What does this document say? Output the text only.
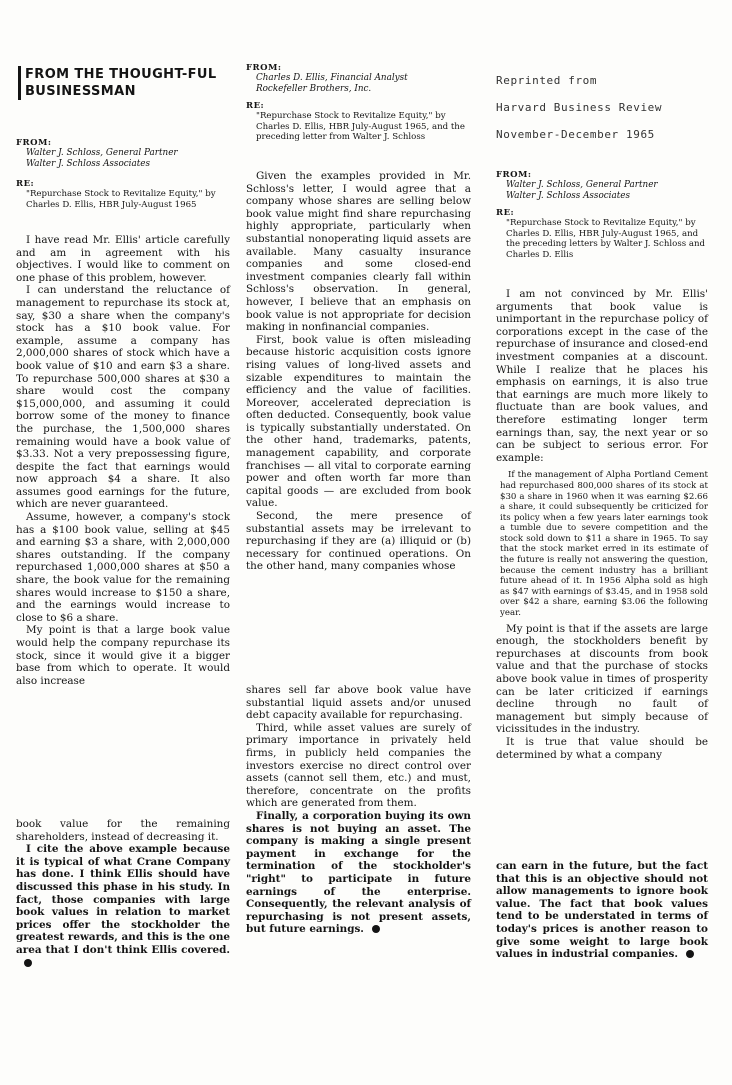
FROM THE THOUGHT-FUL BUSINESSMAN
FROM:
Walter J. Schloss, General Partner
Walter J. Schloss Associates
RE:
"Repurchase Stock to Revitalize Equity," by Charles D. Ellis, HBR July-August 1965

I have read Mr. Ellis' article carefully and am in agreement with his objectives. I would like to comment on one phase of this problem, however.

I can understand the reluctance of management to repurchase its stock at, say, $30 a share when the company's stock has a $10 book value. For example, assume a company has 2,000,000 shares of stock which have a book value of $10 and earn $3 a share. To repurchase 500,000 shares at $30 a share would cost the company $15,000,000, and assuming it could borrow some of the money to finance the purchase, the 1,500,000 shares remaining would have a book value of $3.33. Not a very prepossessing figure, despite the fact that earnings would now approach $4 a share. It also assumes good earnings for the future, which are never guaranteed.

Assume, however, a company's stock has a $100 book value, selling at $45 and earning $3 a share, with 2,000,000 shares outstanding. If the company repurchased 1,000,000 shares at $50 a share, the book value for the remaining shares would increase to $150 a share, and the earnings would increase to close to $6 a share.

My point is that a large book value would help the company repurchase its stock, since it would give it a bigger base from which to operate. It would also increase

book value for the remaining shareholders, instead of decreasing it.

I cite the above example because it is typical of what Crane Company has done. I think Ellis should have discussed this phase in his study. In fact, those companies with large book values in relation to market prices offer the stockholder the greatest rewards, and this is the one area that I don't think Ellis covered.

FROM:
Charles D. Ellis, Financial Analyst
Rockefeller Brothers, Inc.
RE:
"Repurchase Stock to Revitalize Equity," by Charles D. Ellis, HBR July-August 1965, and the preceding letter from Walter J. Schloss

Given the examples provided in Mr. Schloss's letter, I would agree that a company whose shares are selling below book value might find share repurchasing highly appropriate, particularly when substantial nonoperating liquid assets are available. Many casualty insurance companies and some closed-end investment companies clearly fall within Schloss's observation. In general, however, I believe that an emphasis on book value is not appropriate for decision making in nonfinancial companies.

First, book value is often misleading because historic acquisition costs ignore rising values of long-lived assets and sizable expenditures to maintain the efficiency and the value of facilities. Moreover, accelerated depreciation is often deducted. Consequently, book value is typically substantially understated. On the other hand, trademarks, patents, management capability, and corporate franchises — all vital to corporate earning power and often worth far more than capital goods — are excluded from book value.

Second, the mere presence of substantial assets may be irrelevant to repurchasing if they are (a) illiquid or (b) necessary for continued operations. On the other hand, many companies whose

shares sell far above book value have substantial liquid assets and/or unused debt capacity available for repurchasing.

Third, while asset values are surely of primary importance in privately held firms, in publicly held companies the investors exercise no direct control over assets (cannot sell them, etc.) and must, therefore, concentrate on the profits which are generated from them.

Finally, a corporation buying its own shares is not buying an asset. The company is making a single present payment in exchange for the termination of the stockholder's "right" to participate in future earnings of the enterprise. Consequently, the relevant analysis of repurchasing is not present assets, but future earnings.

Reprinted from
Harvard Business Review
November-December 1965
FROM:
Walter J. Schloss, General Partner
Walter J. Schloss Associates
RE:
"Repurchase Stock to Revitalize Equity," by Charles D. Ellis, HBR July-August 1965, and the preceding letters by Walter J. Schloss and Charles D. Ellis

I am not convinced by Mr. Ellis' arguments that book value is unimportant in the repurchase policy of corporations except in the case of the repurchase of insurance and closed-end investment companies at a discount. While I realize that he places his emphasis on earnings, it is also true that earnings are much more likely to fluctuate than are book values, and therefore estimating longer term earnings than, say, the next year or so can be subject to serious error. For example:

If the management of Alpha Portland Cement had repurchased 800,000 shares of its stock at $30 a share in 1960 when it was earning $2.66 a share, it could subsequently be criticized for its policy when a few years later earnings took a tumble due to severe competition and the stock sold down to $11 a share in 1965. To say that the stock market erred in its estimate of the future is really not answering the question, because the cement industry has a brilliant future ahead of it. In 1956 Alpha sold as high as $47 with earnings of $3.45, and in 1958 sold over $42 a share, earning $3.06 the following year.

My point is that if the assets are large enough, the stockholders benefit by repurchases at discounts from book value and that the purchase of stocks above book value in times of prosperity can be later criticized if earnings decline through no fault of management but simply because of vicissitudes in the industry.

It is true that value should be determined by what a company

can earn in the future, but the fact that this is an objective should not allow managements to ignore book value. The fact that book values tend to be understated in terms of today's prices is another reason to give some weight to large book values in industrial companies.
